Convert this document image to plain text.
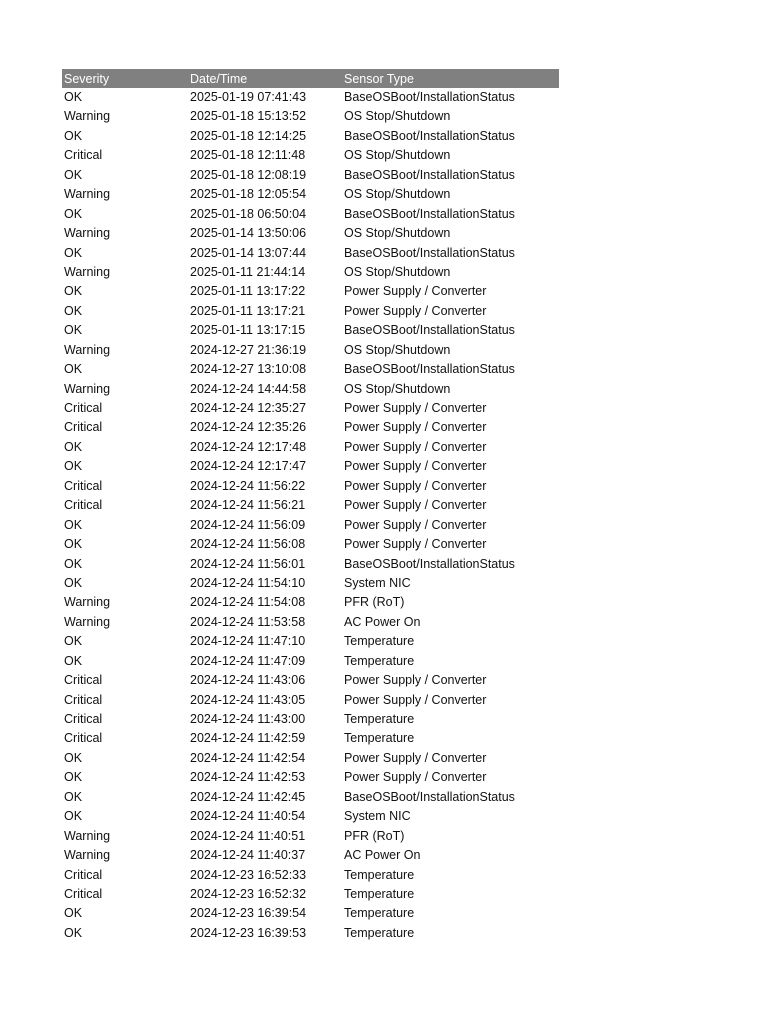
Severity	Date/Time	Sensor Type
OK	2025-01-19 07:41:43	BaseOSBoot/InstallationStatus
Warning	2025-01-18 15:13:52	OS Stop/Shutdown
OK	2025-01-18 12:14:25	BaseOSBoot/InstallationStatus
Critical	2025-01-18 12:11:48	OS Stop/Shutdown
OK	2025-01-18 12:08:19	BaseOSBoot/InstallationStatus
Warning	2025-01-18 12:05:54	OS Stop/Shutdown
OK	2025-01-18 06:50:04	BaseOSBoot/InstallationStatus
Warning	2025-01-14 13:50:06	OS Stop/Shutdown
OK	2025-01-14 13:07:44	BaseOSBoot/InstallationStatus
Warning	2025-01-11 21:44:14	OS Stop/Shutdown
OK	2025-01-11 13:17:22	Power Supply / Converter
OK	2025-01-11 13:17:21	Power Supply / Converter
OK	2025-01-11 13:17:15	BaseOSBoot/InstallationStatus
Warning	2024-12-27 21:36:19	OS Stop/Shutdown
OK	2024-12-27 13:10:08	BaseOSBoot/InstallationStatus
Warning	2024-12-24 14:44:58	OS Stop/Shutdown
Critical	2024-12-24 12:35:27	Power Supply / Converter
Critical	2024-12-24 12:35:26	Power Supply / Converter
OK	2024-12-24 12:17:48	Power Supply / Converter
OK	2024-12-24 12:17:47	Power Supply / Converter
Critical	2024-12-24 11:56:22	Power Supply / Converter
Critical	2024-12-24 11:56:21	Power Supply / Converter
OK	2024-12-24 11:56:09	Power Supply / Converter
OK	2024-12-24 11:56:08	Power Supply / Converter
OK	2024-12-24 11:56:01	BaseOSBoot/InstallationStatus
OK	2024-12-24 11:54:10	System NIC
Warning	2024-12-24 11:54:08	PFR (RoT)
Warning	2024-12-24 11:53:58	AC Power On
OK	2024-12-24 11:47:10	Temperature
OK	2024-12-24 11:47:09	Temperature
Critical	2024-12-24 11:43:06	Power Supply / Converter
Critical	2024-12-24 11:43:05	Power Supply / Converter
Critical	2024-12-24 11:43:00	Temperature
Critical	2024-12-24 11:42:59	Temperature
OK	2024-12-24 11:42:54	Power Supply / Converter
OK	2024-12-24 11:42:53	Power Supply / Converter
OK	2024-12-24 11:42:45	BaseOSBoot/InstallationStatus
OK	2024-12-24 11:40:54	System NIC
Warning	2024-12-24 11:40:51	PFR (RoT)
Warning	2024-12-24 11:40:37	AC Power On
Critical	2024-12-23 16:52:33	Temperature
Critical	2024-12-23 16:52:32	Temperature
OK	2024-12-23 16:39:54	Temperature
OK	2024-12-23 16:39:53	Temperature
